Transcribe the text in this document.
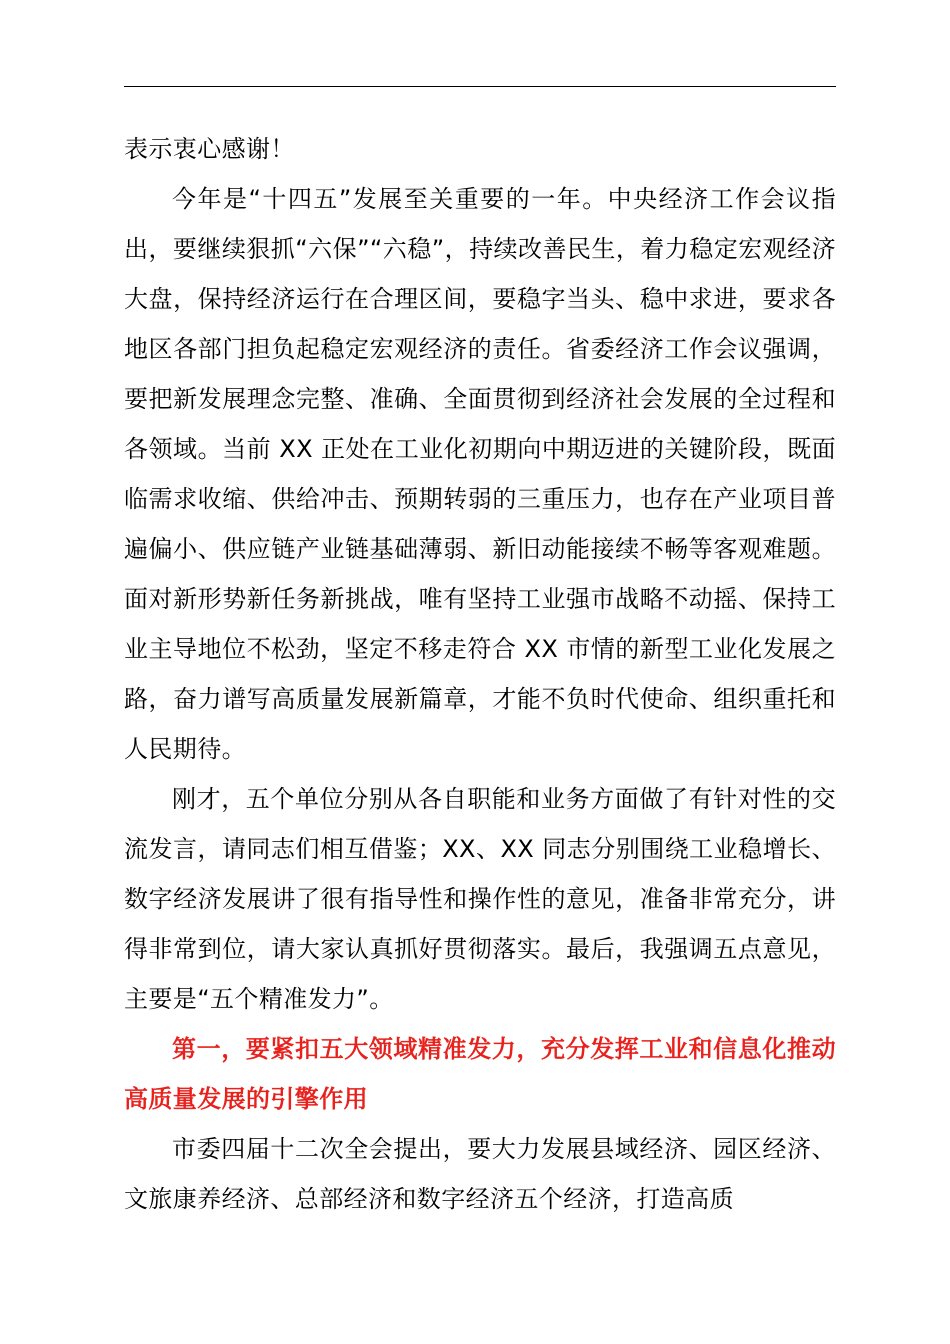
表示衷心感谢！

今年是“十四五”发展至关重要的一年。中央经济工作会议指出，要继续狠抓“六保”“六稳”，持续改善民生，着力稳定宏观经济大盘，保持经济运行在合理区间，要稳字当头、稳中求进，要求各地区各部门担负起稳定宏观经济的责任。省委经济工作会议强调，要把新发展理念完整、准确、全面贯彻到经济社会发展的全过程和各领域。当前 XX 正处在工业化初期向中期迈进的关键阶段，既面临需求收缩、供给冲击、预期转弱的三重压力，也存在产业项目普遍偏小、供应链产业链基础薄弱、新旧动能接续不畅等客观难题。面对新形势新任务新挑战，唯有坚持工业强市战略不动摇、保持工业主导地位不松劲，坚定不移走符合 XX 市情的新型工业化发展之路，奋力谱写高质量发展新篇章，才能不负时代使命、组织重托和人民期待。

刚才，五个单位分别从各自职能和业务方面做了有针对性的交流发言，请同志们相互借鉴；XX、XX 同志分别围绕工业稳增长、数字经济发展讲了很有指导性和操作性的意见，准备非常充分，讲得非常到位，请大家认真抓好贯彻落实。最后，我强调五点意见，主要是“五个精准发力”。

第一，要紧扣五大领域精准发力，充分发挥工业和信息化推动高质量发展的引擎作用

市委四届十二次全会提出，要大力发展县域经济、园区经济、文旅康养经济、总部经济和数字经济五个经济，打造高质
